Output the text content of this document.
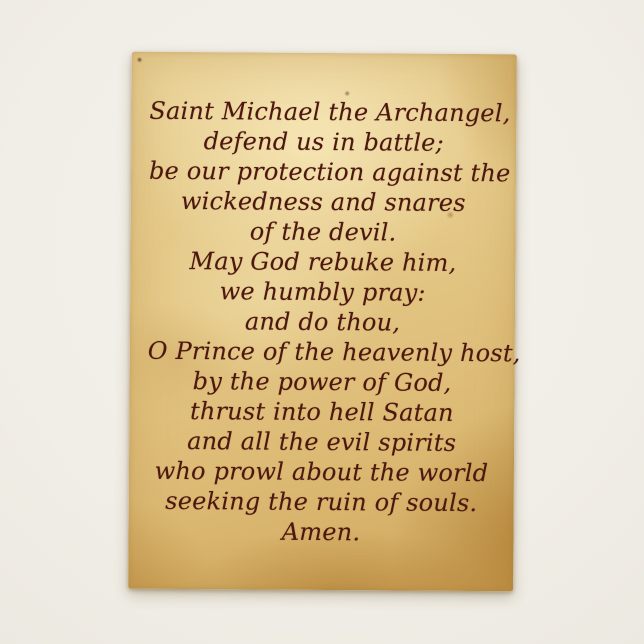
Saint Michael the Archangel,
defend us in battle;
be our protection against the
wickedness and snares
of the devil.
May God rebuke him,
we humbly pray:
and do thou,
O Prince of the heavenly host,
by the power of God,
thrust into hell Satan
and all the evil spirits
who prowl about the world
seeking the ruin of souls.
Amen.
